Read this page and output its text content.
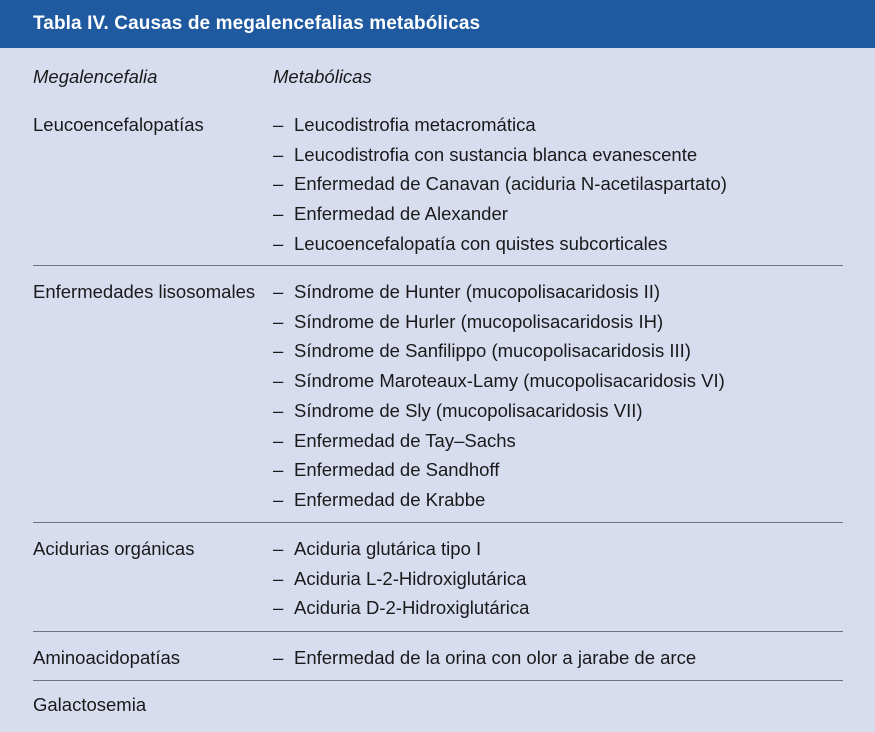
Tabla IV. Causas de megalencefalias metabólicas
Megalencefalia	Metabólicas
Leucoencefalopatías	– Leucodistrofia metacromática
– Leucodistrofia con sustancia blanca evanescente
– Enfermedad de Canavan (aciduria N-acetilaspartato)
– Enfermedad de Alexander
– Leucoencefalopatía con quistes subcorticales
Enfermedades lisosomales – Síndrome de Hunter (mucopolisacaridosis II)
– Síndrome de Hurler (mucopolisacaridosis IH)
– Síndrome de Sanfilippo (mucopolisacaridosis III)
– Síndrome Maroteaux-Lamy (mucopolisacaridosis VI)
– Síndrome de Sly (mucopolisacaridosis VII)
– Enfermedad de Tay–Sachs
– Enfermedad de Sandhoff
– Enfermedad de Krabbe
Acidurias orgánicas	– Aciduria glutárica tipo I
– Aciduria L-2-Hidroxiglutárica
– Aciduria D-2-Hidroxiglutárica
Aminoacidopatías	– Enfermedad de la orina con olor a jarabe de arce
Galactosemia
